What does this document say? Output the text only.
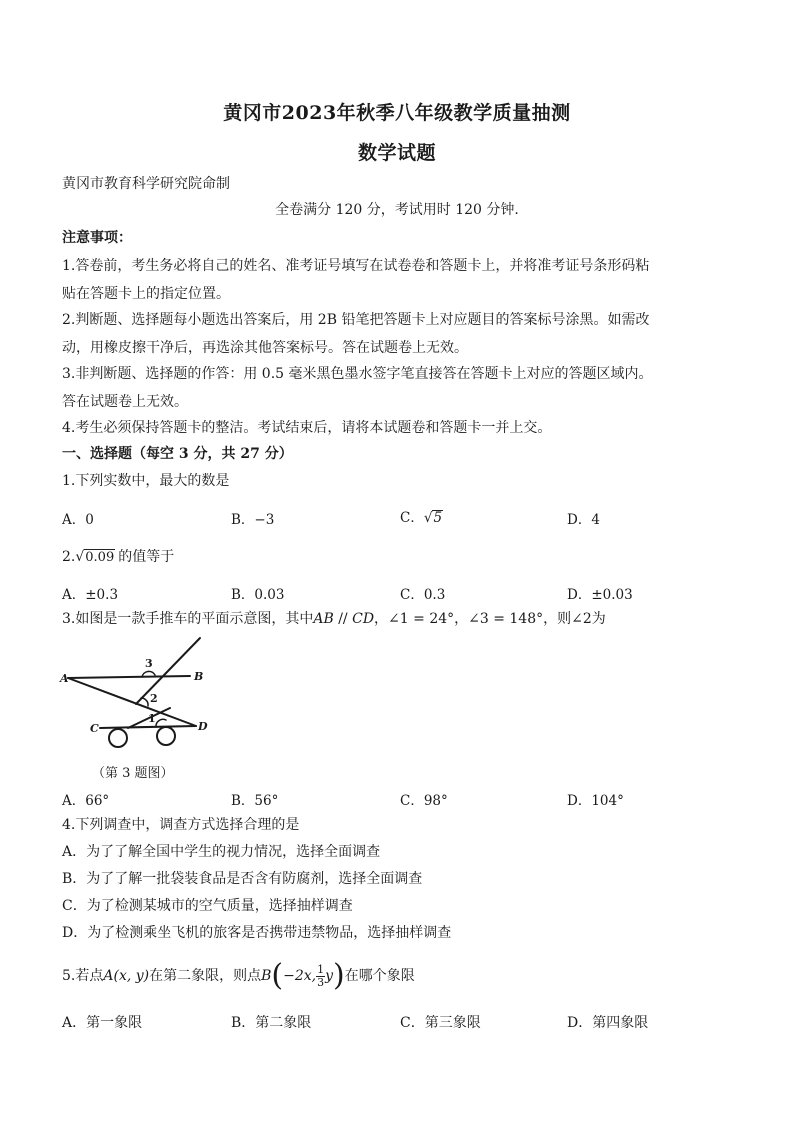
黄冈市2023年秋季八年级教学质量抽测
数学试题
黄冈市教育科学研究院命制
全卷满分 120 分，考试用时 120 分钟.
注意事项：
1.答卷前，考生务必将自己的姓名、准考证号填写在试卷卷和答题卡上，并将准考证号条形码粘
贴在答题卡上的指定位置。
2.判断题、选择题每小题选出答案后，用 2B 铅笔把答题卡上对应题目的答案标号涂黑。如需改
动，用橡皮擦干净后，再选涂其他答案标号。答在试题卷上无效。
3.非判断题、选择题的作答：用 0.5 毫米黑色墨水签字笔直接答在答题卡上对应的答题区域内。
答在试题卷上无效。
4.考生必须保持答题卡的整洁。考试结束后，请将本试题卷和答题卡一并上交。
一、选择题（每空 3 分，共 27 分）
1.下列实数中，最大的数是
A．0	B．−3	C．√5	D．4
2.√0.09 的值等于
A．±0.3	B．0.03	C．0.3	D．±0.03
3.如图是一款手推车的平面示意图，其中AB // CD，∠1 = 24°，∠3 = 148°，则∠2为
A	B
C	D
3
2
1
（第 3 题图）
A．66°	B．56°	C．98°	D．104°
4.下列调查中，调查方式选择合理的是
A．为了了解全国中学生的视力情况，选择全面调查
B．为了了解一批袋装食品是否含有防腐剂，选择全面调查
C．为了检测某城市的空气质量，选择抽样调查
D．为了检测乘坐飞机的旅客是否携带违禁物品，选择抽样调查
5.若点A(x, y)在第二象限，则点B(−2x, $\frac{1}{3} y$)在哪个象限
A．第一象限	B．第二象限	C．第三象限	D．第四象限
